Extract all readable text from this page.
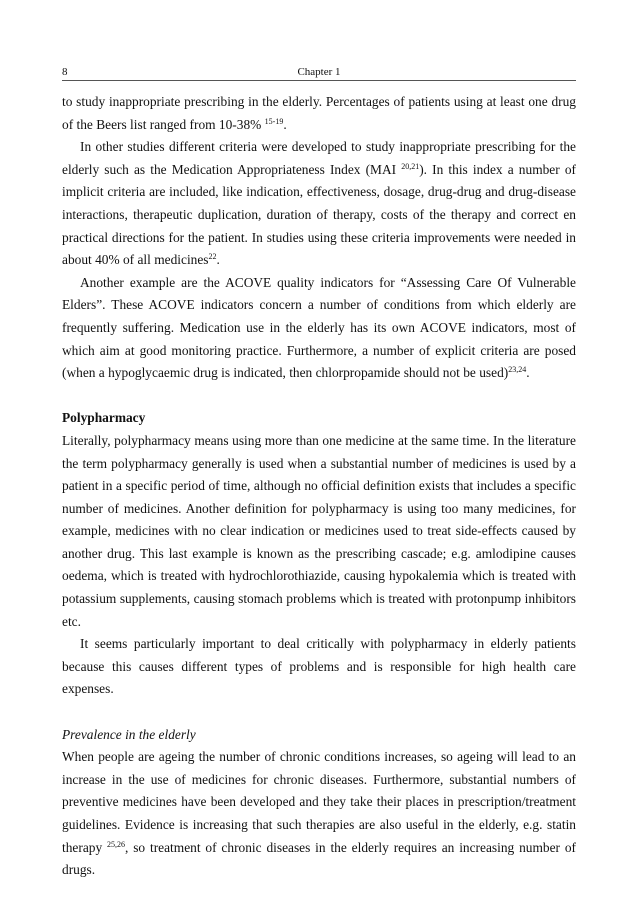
8	Chapter 1

to study inappropriate prescribing in the elderly. Percentages of patients using at least one drug of the Beers list ranged from 10-38% $^{15-19}$.

In other studies different criteria were developed to study inappropriate prescribing for the elderly such as the Medication Appropriateness Index (MAI $^{20,21}$). In this index a number of implicit criteria are included, like indication, effectiveness, dosage, drug-drug and drug-disease interactions, therapeutic duplication, duration of therapy, costs of the therapy and correct en practical directions for the patient. In studies using these criteria improvements were needed in about 40% of all medicines$^{22}$.

Another example are the ACOVE quality indicators for “Assessing Care Of Vulnerable Elders”. These ACOVE indicators concern a number of conditions from which elderly are frequently suffering. Medication use in the elderly has its own ACOVE indicators, most of which aim at good monitoring practice. Furthermore, a number of explicit criteria are posed (when a hypoglycaemic drug is indicated, then chlorpropamide should not be used)$^{23,24}$.

Polypharmacy

Literally, polypharmacy means using more than one medicine at the same time. In the literature the term polypharmacy generally is used when a substantial number of medicines is used by a patient in a specific period of time, although no official definition exists that includes a specific number of medicines. Another definition for polypharmacy is using too many medicines, for example, medicines with no clear indication or medicines used to treat side-effects caused by another drug. This last example is known as the prescribing cascade; e.g. amlodipine causes oedema, which is treated with hydrochlorothiazide, causing hypokalemia which is treated with potassium supplements, causing stomach problems which is treated with protonpump inhibitors etc.

It seems particularly important to deal critically with polypharmacy in elderly patients because this causes different types of problems and is responsible for high health care expenses.

Prevalence in the elderly

When people are ageing the number of chronic conditions increases, so ageing will lead to an increase in the use of medicines for chronic diseases. Furthermore, substantial numbers of preventive medicines have been developed and they take their places in prescription/treatment guidelines. Evidence is increasing that such therapies are also useful in the elderly, e.g. statin therapy $^{25,26}$, so treatment of chronic diseases in the elderly requires an increasing number of drugs.
